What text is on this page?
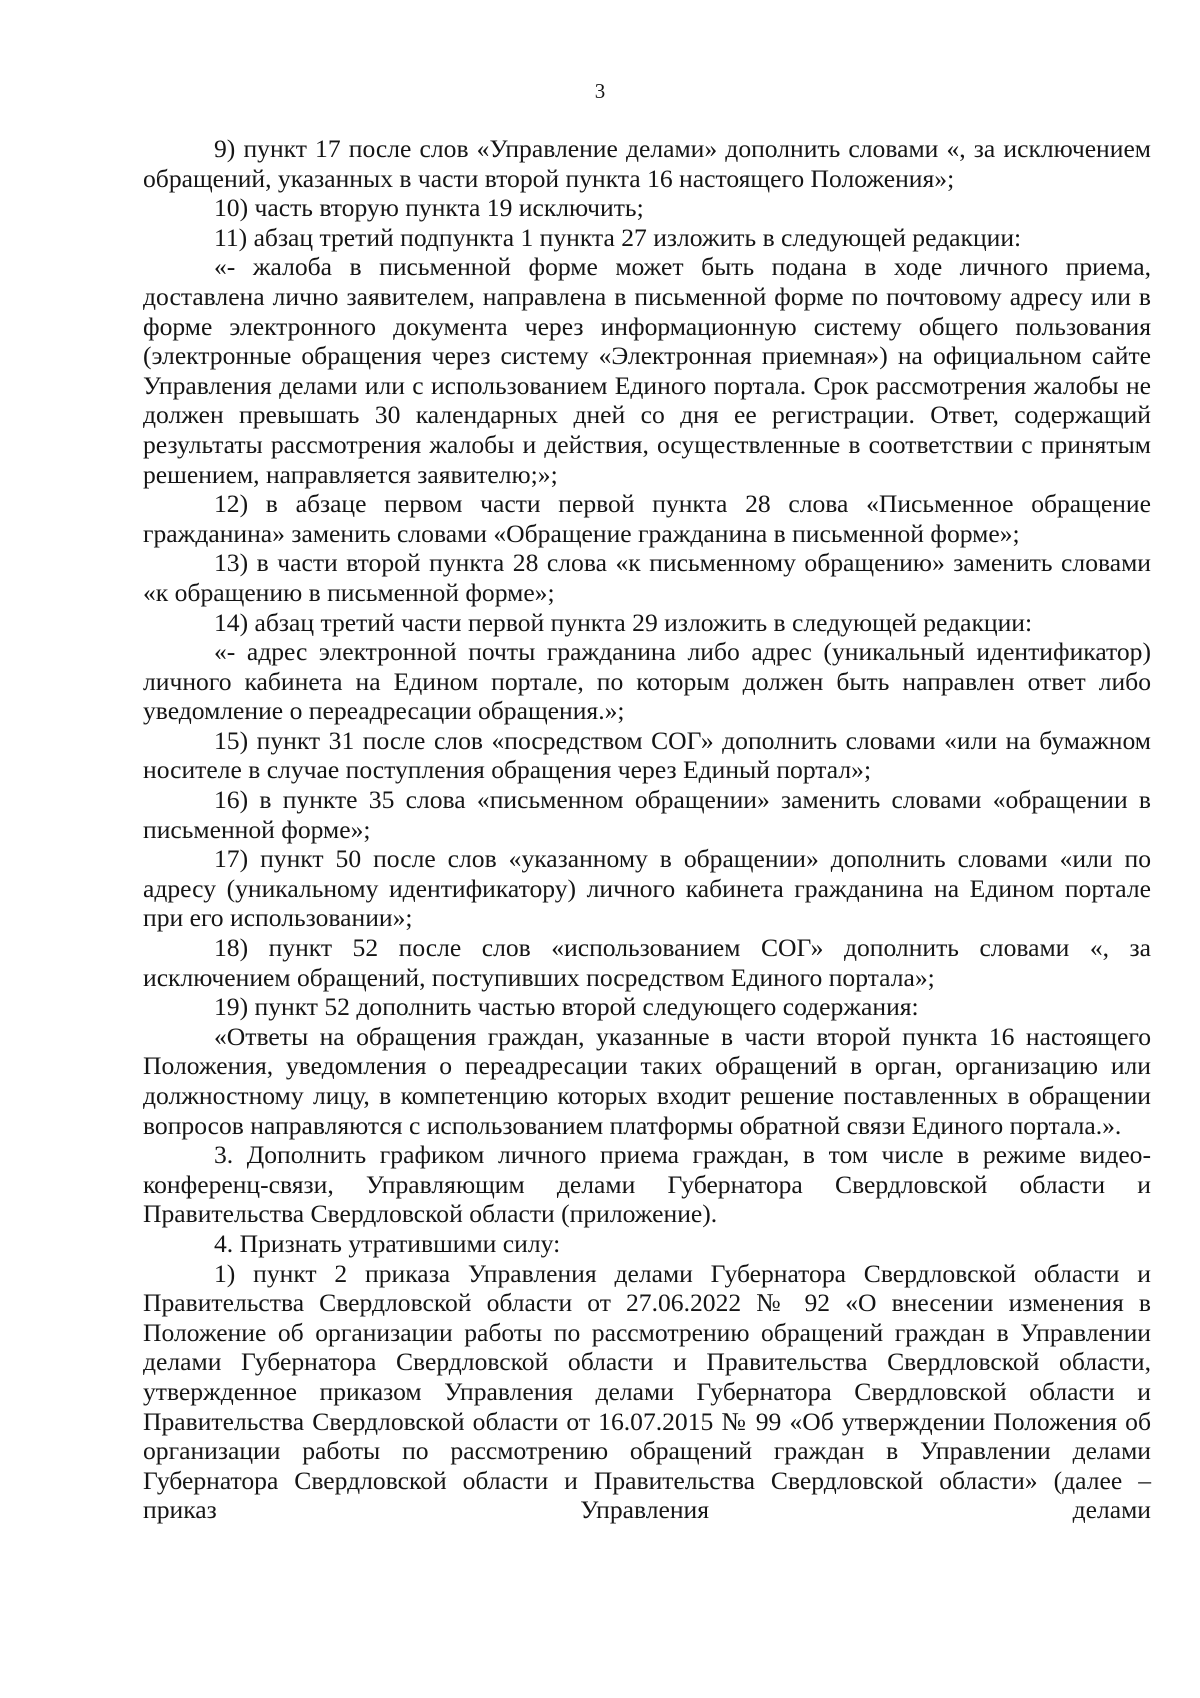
3

9) пункт 17 после слов «Управление делами» дополнить словами «, за исключением обращений, указанных в части второй пункта 16 настоящего Положения»;

10) часть вторую пункта 19 исключить;

11) абзац третий подпункта 1 пункта 27 изложить в следующей редакции:

«- жалоба в письменной форме может быть подана в ходе личного приема, доставлена лично заявителем, направлена в письменной форме по почтовому адресу или в форме электронного документа через информационную систему общего пользования (электронные обращения через систему «Электронная приемная») на официальном сайте Управления делами или с использованием Единого портала. Срок рассмотрения жалобы не должен превышать 30 календарных дней со дня ее регистрации. Ответ, содержащий результаты рассмотрения жалобы и действия, осуществленные в соответствии с принятым решением, направляется заявителю;»;

12) в абзаце первом части первой пункта 28 слова «Письменное обращение гражданина» заменить словами «Обращение гражданина в письменной форме»;

13) в части второй пункта 28 слова «к письменному обращению» заменить словами «к обращению в письменной форме»;

14) абзац третий части первой пункта 29 изложить в следующей редакции:

«- адрес электронной почты гражданина либо адрес (уникальный идентификатор) личного кабинета на Едином портале, по которым должен быть направлен ответ либо уведомление о переадресации обращения.»;

15) пункт 31 после слов «посредством СОГ» дополнить словами «или на бумажном носителе в случае поступления обращения через Единый портал»;

16) в пункте 35 слова «письменном обращении» заменить словами «обращении в письменной форме»;

17) пункт 50 после слов «указанному в обращении» дополнить словами «или по адресу (уникальному идентификатору) личного кабинета гражданина на Едином портале при его использовании»;

18) пункт 52 после слов «использованием СОГ» дополнить словами «, за исключением обращений, поступивших посредством Единого портала»;

19) пункт 52 дополнить частью второй следующего содержания:

«Ответы на обращения граждан, указанные в части второй пункта 16 настоящего Положения, уведомления о переадресации таких обращений в орган, организацию или должностному лицу, в компетенцию которых входит решение поставленных в обращении вопросов направляются с использованием платформы обратной связи Единого портала.».

3. Дополнить графиком личного приема граждан, в том числе в режиме видео-конференц-связи, Управляющим делами Губернатора Свердловской области и Правительства Свердловской области (приложение).

4. Признать утратившими силу:

1) пункт 2 приказа Управления делами Губернатора Свердловской области и Правительства Свердловской области от 27.06.2022 № 92 «О внесении изменения в Положение об организации работы по рассмотрению обращений граждан в Управлении делами Губернатора Свердловской области и Правительства Свердловской области, утвержденное приказом Управления делами Губернатора Свердловской области и Правительства Свердловской области от 16.07.2015 № 99 «Об утверждении Положения об организации работы по рассмотрению обращений граждан в Управлении делами Губернатора Свердловской области и Правительства Свердловской области» (далее – приказ Управления делами
